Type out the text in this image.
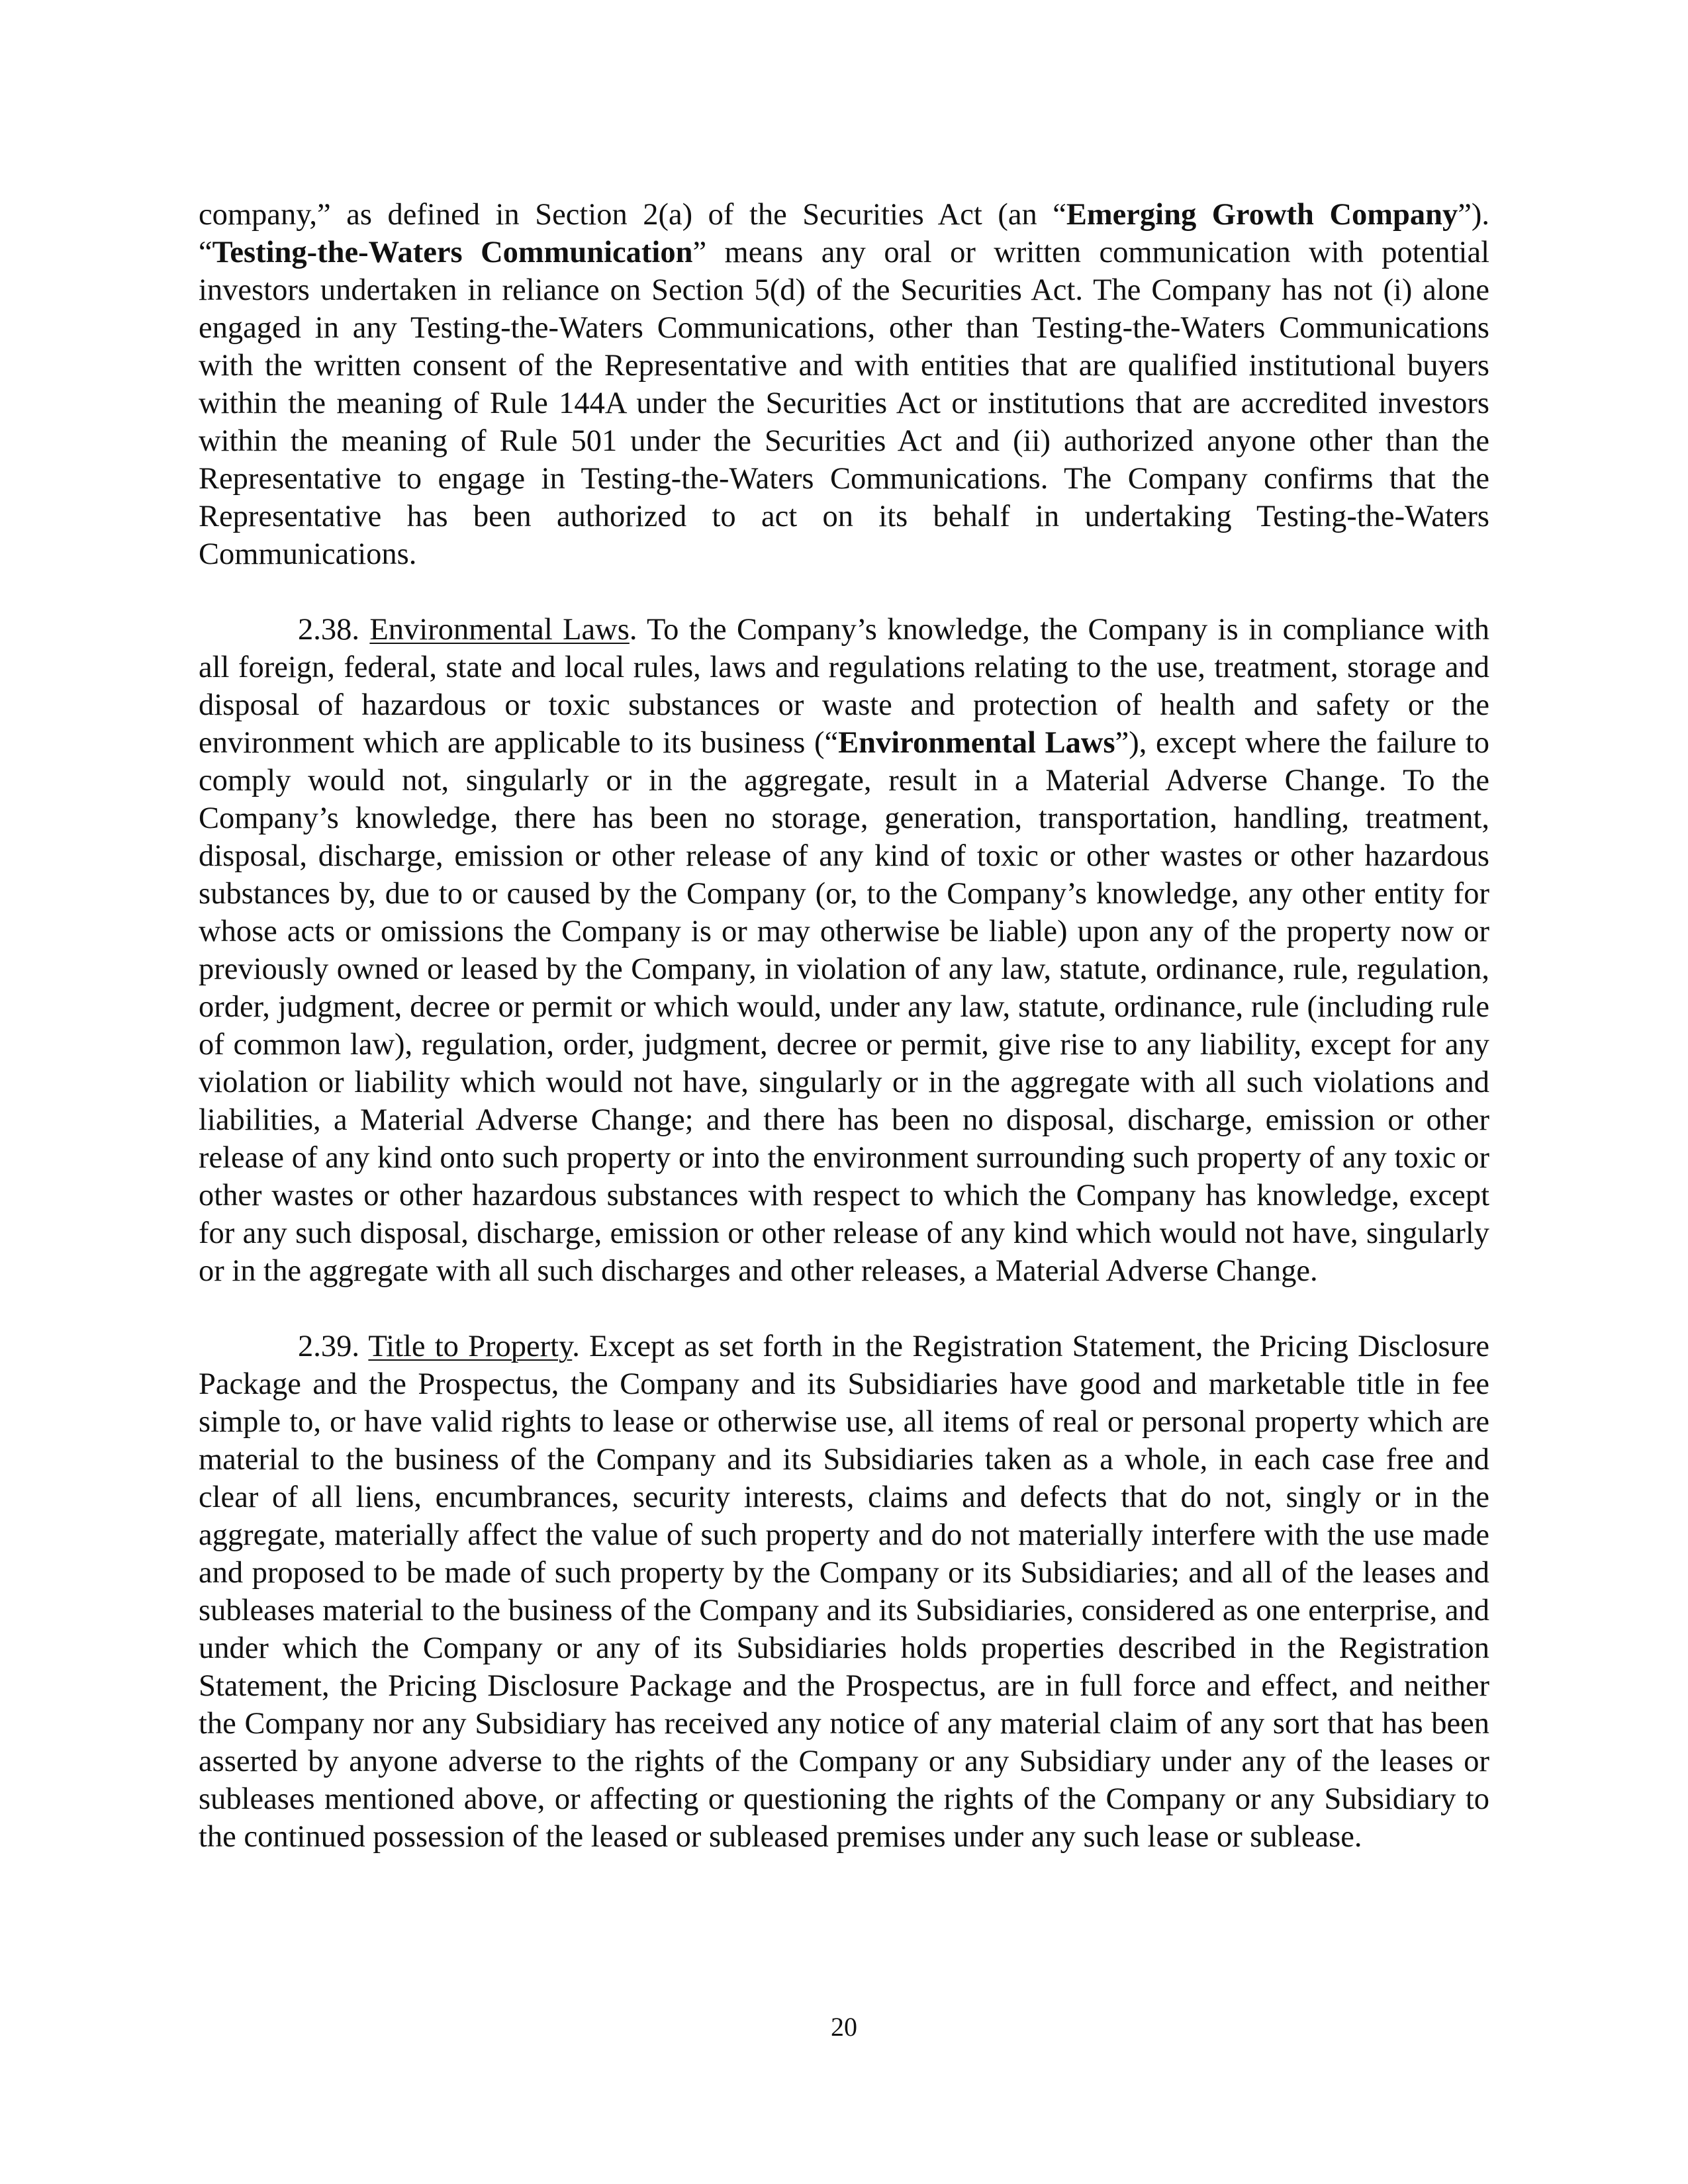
company,” as defined in Section 2(a) of the Securities Act (an “Emerging Growth Company”). “Testing-the-Waters Communication” means any oral or written communication with potential investors undertaken in reliance on Section 5(d) of the Securities Act. The Company has not (i) alone engaged in any Testing-the-Waters Communications, other than Testing-the-Waters Communications with the written consent of the Representative and with entities that are qualified institutional buyers within the meaning of Rule 144A under the Securities Act or institutions that are accredited investors within the meaning of Rule 501 under the Securities Act and (ii) authorized anyone other than the Representative to engage in Testing-the-Waters Communications. The Company confirms that the Representative has been authorized to act on its behalf in undertaking Testing-the-Waters Communications.

2.38. Environmental Laws. To the Company’s knowledge, the Company is in compliance with all foreign, federal, state and local rules, laws and regulations relating to the use, treatment, storage and disposal of hazardous or toxic substances or waste and protection of health and safety or the environment which are applicable to its business (“Environmental Laws”), except where the failure to comply would not, singularly or in the aggregate, result in a Material Adverse Change. To the Company’s knowledge, there has been no storage, generation, transportation, handling, treatment, disposal, discharge, emission or other release of any kind of toxic or other wastes or other hazardous substances by, due to or caused by the Company (or, to the Company’s knowledge, any other entity for whose acts or omissions the Company is or may otherwise be liable) upon any of the property now or previously owned or leased by the Company, in violation of any law, statute, ordinance, rule, regulation, order, judgment, decree or permit or which would, under any law, statute, ordinance, rule (including rule of common law), regulation, order, judgment, decree or permit, give rise to any liability, except for any violation or liability which would not have, singularly or in the aggregate with all such violations and liabilities, a Material Adverse Change; and there has been no disposal, discharge, emission or other release of any kind onto such property or into the environment surrounding such property of any toxic or other wastes or other hazardous substances with respect to which the Company has knowledge, except for any such disposal, discharge, emission or other release of any kind which would not have, singularly or in the aggregate with all such discharges and other releases, a Material Adverse Change.

2.39. Title to Property. Except as set forth in the Registration Statement, the Pricing Disclosure Package and the Prospectus, the Company and its Subsidiaries have good and marketable title in fee simple to, or have valid rights to lease or otherwise use, all items of real or personal property which are material to the business of the Company and its Subsidiaries taken as a whole, in each case free and clear of all liens, encumbrances, security interests, claims and defects that do not, singly or in the aggregate, materially affect the value of such property and do not materially interfere with the use made and proposed to be made of such property by the Company or its Subsidiaries; and all of the leases and subleases material to the business of the Company and its Subsidiaries, considered as one enterprise, and under which the Company or any of its Subsidiaries holds properties described in the Registration Statement, the Pricing Disclosure Package and the Prospectus, are in full force and effect, and neither the Company nor any Subsidiary has received any notice of any material claim of any sort that has been asserted by anyone adverse to the rights of the Company or any Subsidiary under any of the leases or subleases mentioned above, or affecting or questioning the rights of the Company or any Subsidiary to the continued possession of the leased or subleased premises under any such lease or sublease.

20
